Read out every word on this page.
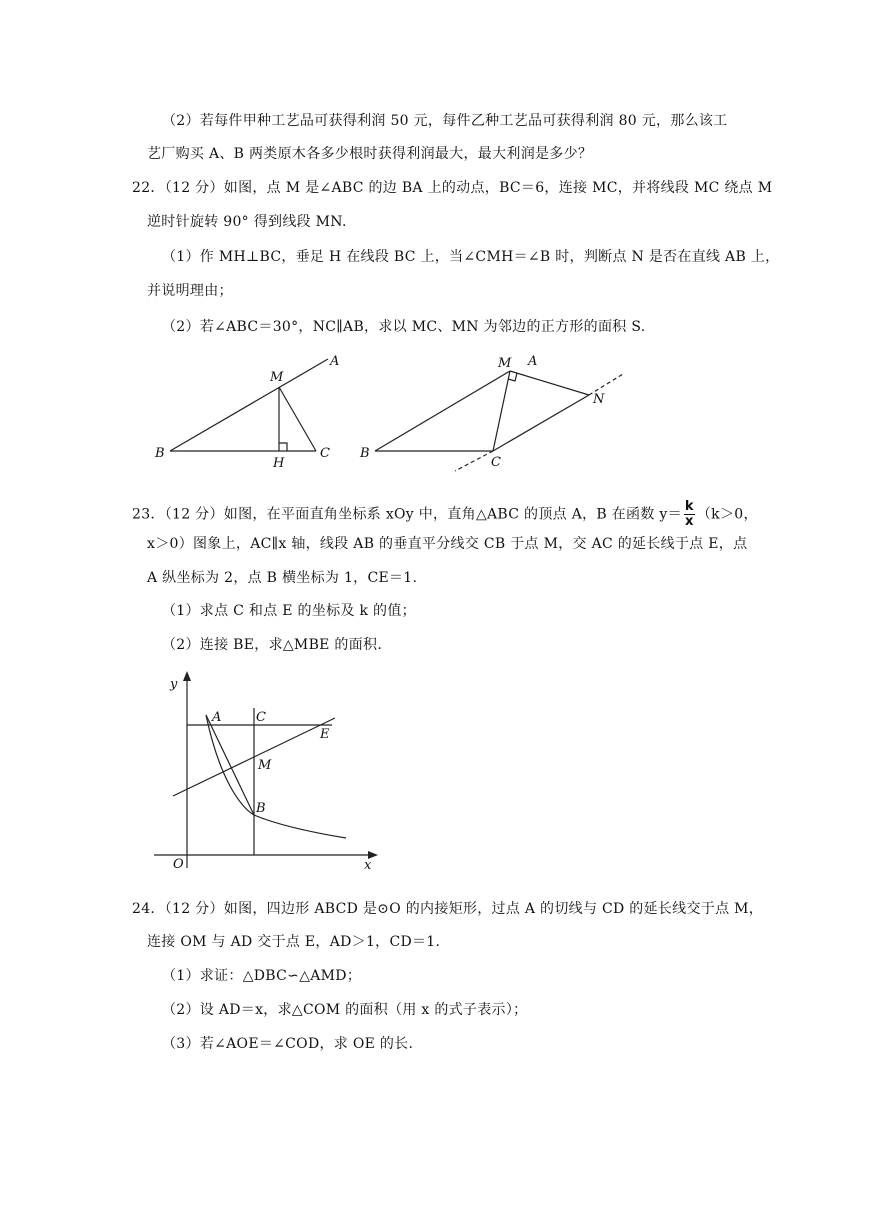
（2）若每件甲种工艺品可获得利润 50 元，每件乙种工艺品可获得利润 80 元，那么该工
艺厂购买 A、B 两类原木各多少根时获得利润最大，最大利润是多少？
22．（12 分）如图，点 M 是∠ABC 的边 BA 上的动点，BC＝6，连接 MC，并将线段 MC 绕点 M
逆时针旋转 90° 得到线段 MN.
（1）作 MH⊥BC，垂足 H 在线段 BC 上，当∠CMH＝∠B 时，判断点 N 是否在直线 AB 上，
并说明理由；
（2）若∠ABC＝30°，NC∥AB，求以 MC、MN 为邻边的正方形的面积 S.
A
M
B
H
C
M A
N
B
C
23．（12 分）如图，在平面直角坐标系 xOy 中，直角△ABC 的顶点 A，B 在函数 $y= \frac{k}{x} (k>0$，
x＞0）图象上，AC∥x 轴，线段 AB 的垂直平分线交 CB 于点 M，交 AC 的延长线于点 E，点
A 纵坐标为 2，点 B 横坐标为 1，CE＝1.
（1）求点 C 和点 E 的坐标及 k 的值；
（2）连接 BE，求△MBE 的面积.
y
A	C
E
M
B
O	x
24．（12 分）如图，四边形 ABCD 是⊙O 的内接矩形，过点 A 的切线与 CD 的延长线交于点 M，
连接 OM 与 AD 交于点 E，AD＞1，CD＝1.
（1）求证：△DBC∽△AMD；
（2）设 AD＝x，求△COM 的面积（用 x 的式子表示）；
（3）若∠AOE＝∠COD，求 OE 的长.
